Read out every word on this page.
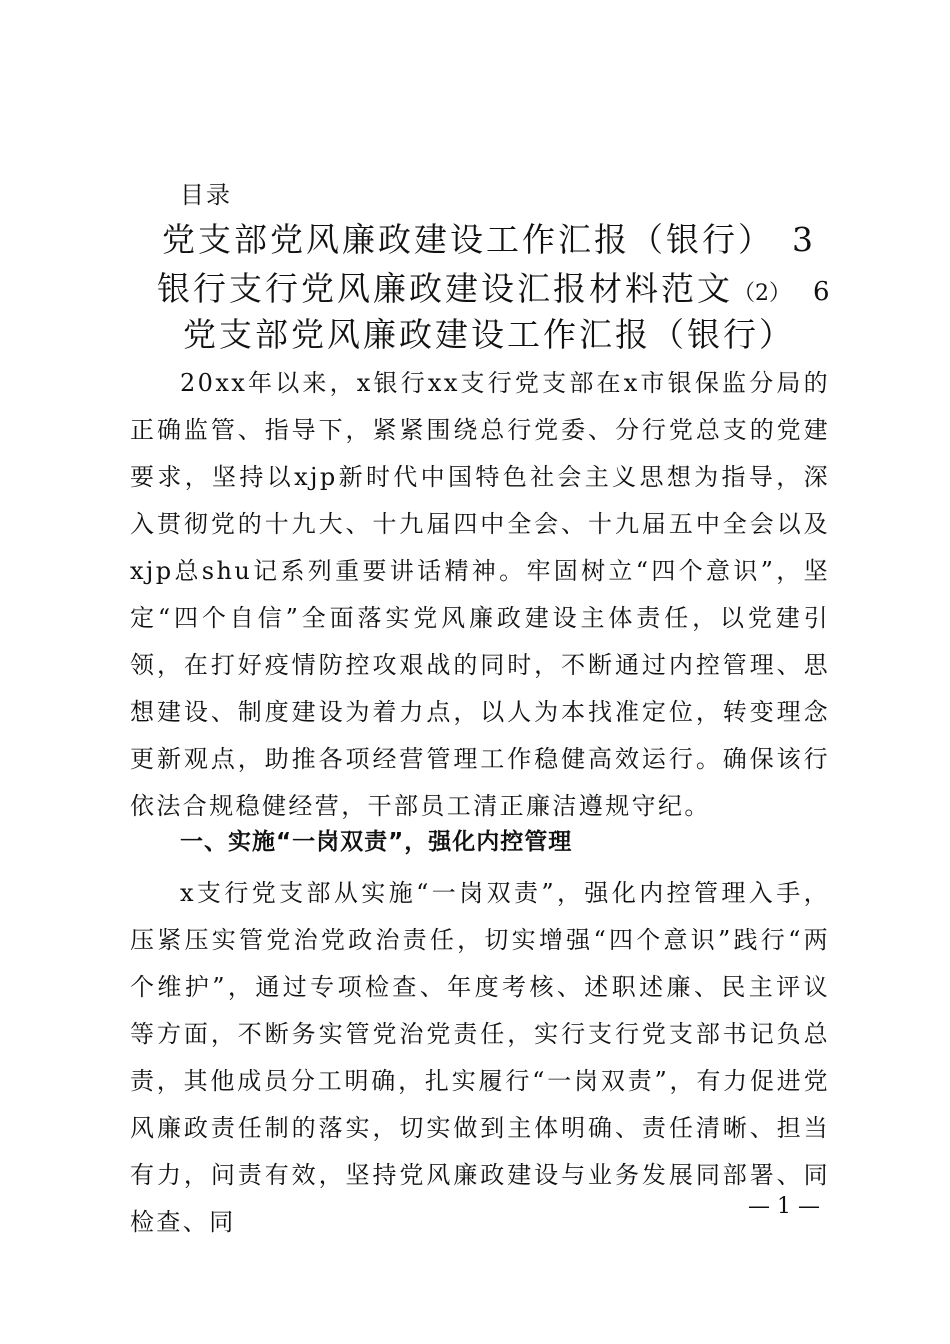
目录
党支部党风廉政建设工作汇报（银行） 3
银行支行党风廉政建设汇报材料范文（2） 6
党支部党风廉政建设工作汇报（银行）

20xx年以来，x银行xx支行党支部在x市银保监分局的正确监管、指导下，紧紧围绕总行党委、分行党总支的党建要求，坚持以xjp新时代中国特色社会主义思想为指导，深入贯彻党的十九大、十九届四中全会、十九届五中全会以及xjp总shu记系列重要讲话精神。牢固树立“四个意识”，坚定“四个自信”全面落实党风廉政建设主体责任，以党建引领，在打好疫情防控攻艰战的同时，不断通过内控管理、思想建设、制度建设为着力点，以人为本找准定位，转变理念更新观点，助推各项经营管理工作稳健高效运行。确保该行依法合规稳健经营，干部员工清正廉洁遵规守纪。

一、实施“一岗双责”，强化内控管理

x支行党支部从实施“一岗双责”，强化内控管理入手，压紧压实管党治党政治责任，切实增强“四个意识”践行“两个维护”，通过专项检查、年度考核、述职述廉、民主评议等方面，不断务实管党治党责任，实行支行党支部书记负总责，其他成员分工明确，扎实履行“一岗双责”，有力促进党风廉政责任制的落实，切实做到主体明确、责任清晰、担当有力，问责有效，坚持党风廉政建设与业务发展同部署、同检查、同

— 1 —
